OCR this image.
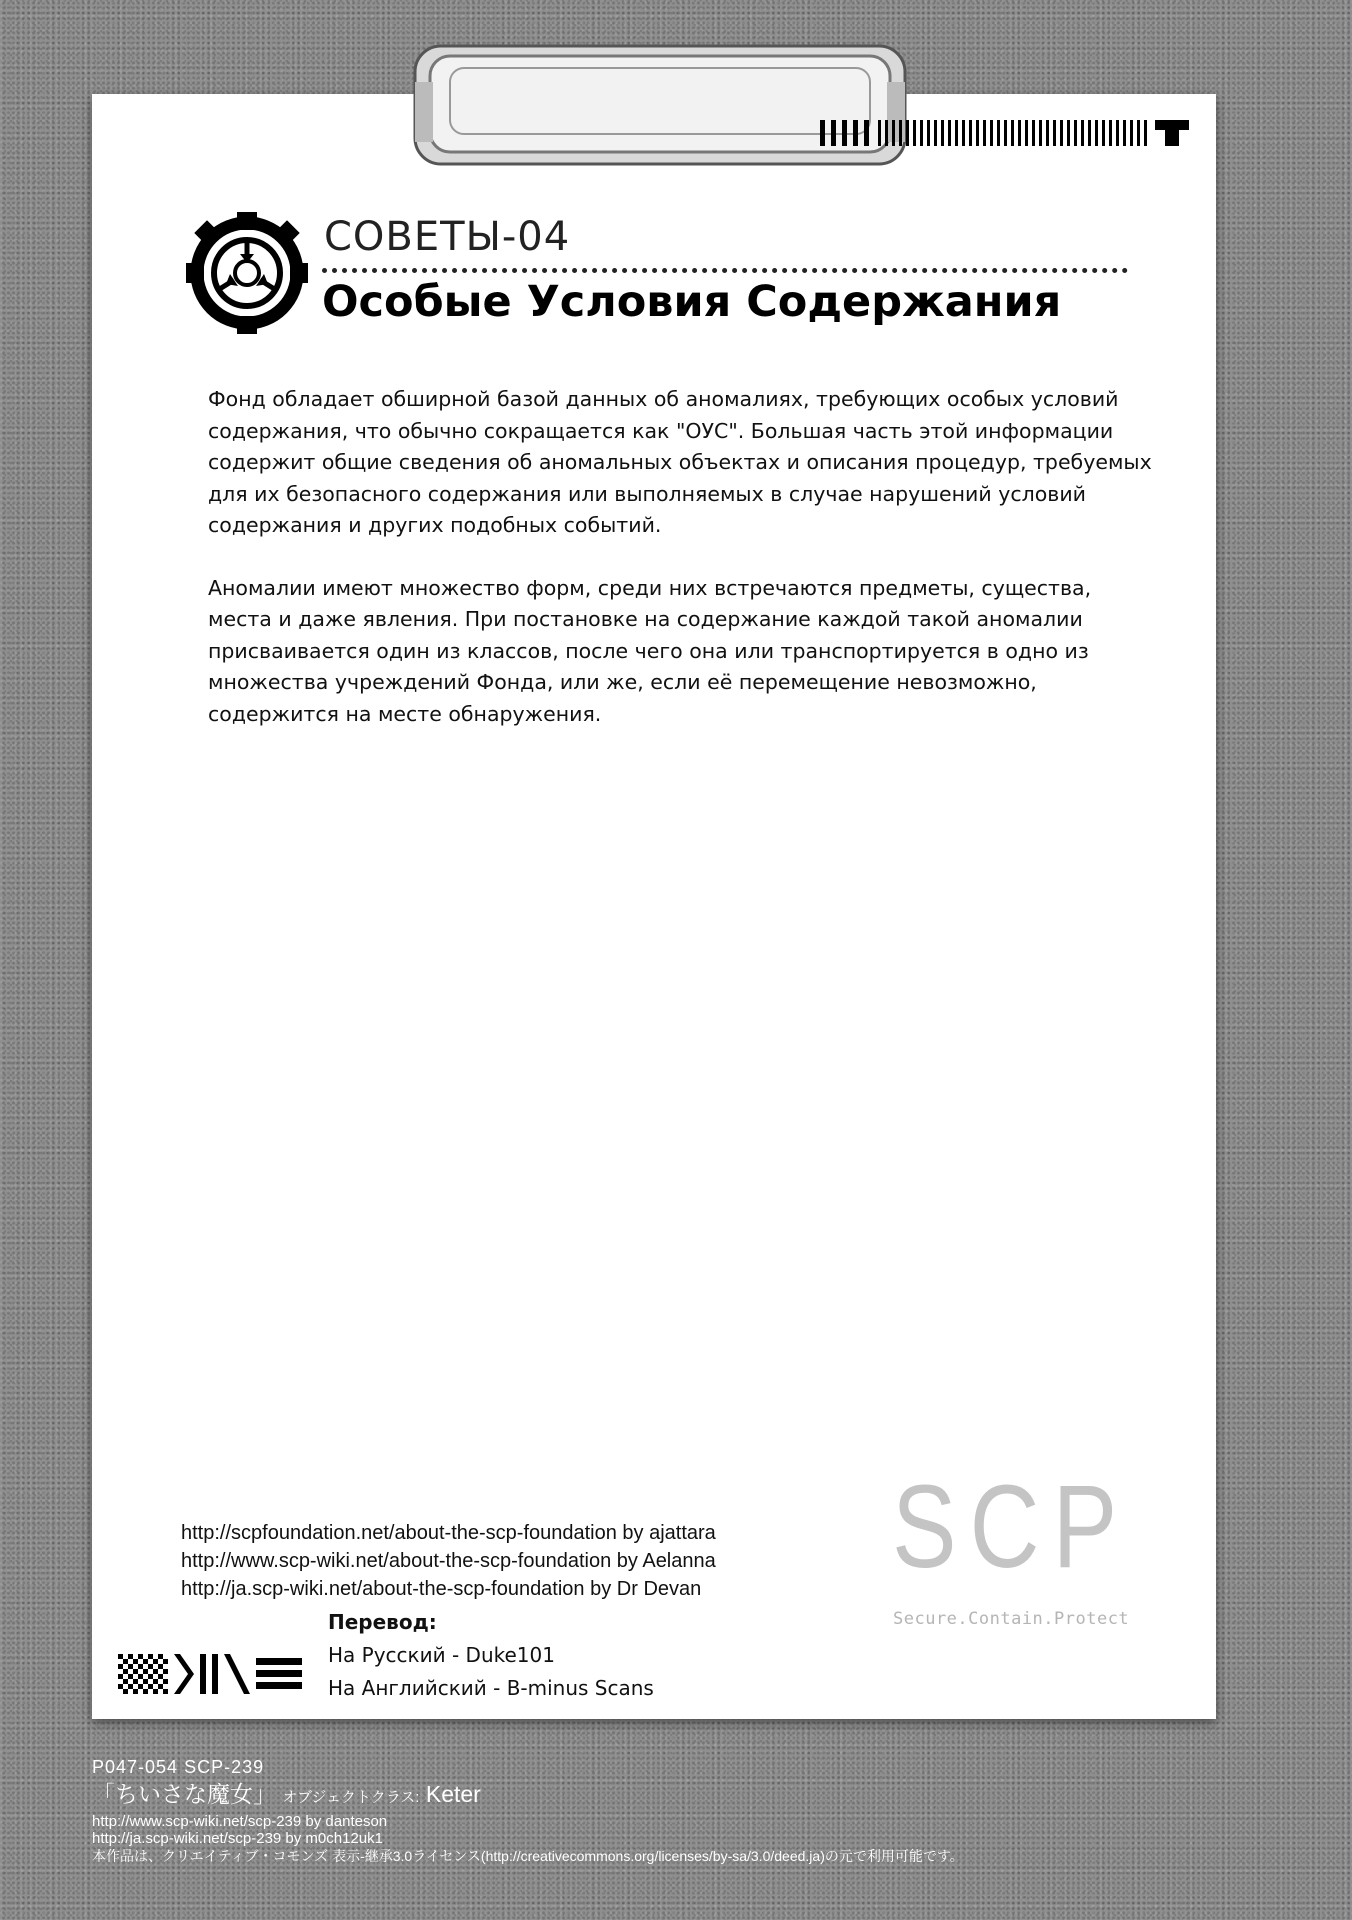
СОВЕТЫ-04
Особые Условия Содержания

Фонд обладает обширной базой данных об аномалиях, требующих особых условий
содержания, что обычно сокращается как "ОУС". Большая часть этой информации
содержит общие сведения об аномальных объектах и описания процедур, требуемых
для их безопасного содержания или выполняемых в случае нарушений условий
содержания и других подобных событий.

Аномалии имеют множество форм, среди них встречаются предметы, существа,
места и даже явления. При постановке на содержание каждой такой аномалии
присваивается один из классов, после чего она или транспортируется в одно из
множества учреждений Фонда, или же, если её перемещение невозможно,
содержится на месте обнаружения.

http://scpfoundation.net/about-the-scp-foundation by ajattara
http://www.scp-wiki.net/about-the-scp-foundation by Aelanna
http://ja.scp-wiki.net/about-the-scp-foundation by Dr Devan
Перевод:
На Русский - Duke101
На Английский - B-minus Scans
SCP
Secure.Contain.Protect
P047-054 SCP-239
「ちいさな魔女」 オブジェクトクラス: Keter
http://www.scp-wiki.net/scp-239 by danteson
http://ja.scp-wiki.net/scp-239 by m0ch12uk1
本作品は、クリエイティブ・コモンズ 表示-継承3.0ライセンス(http://creativecommons.org/licenses/by-sa/3.0/deed.ja)の元で利用可能です。
